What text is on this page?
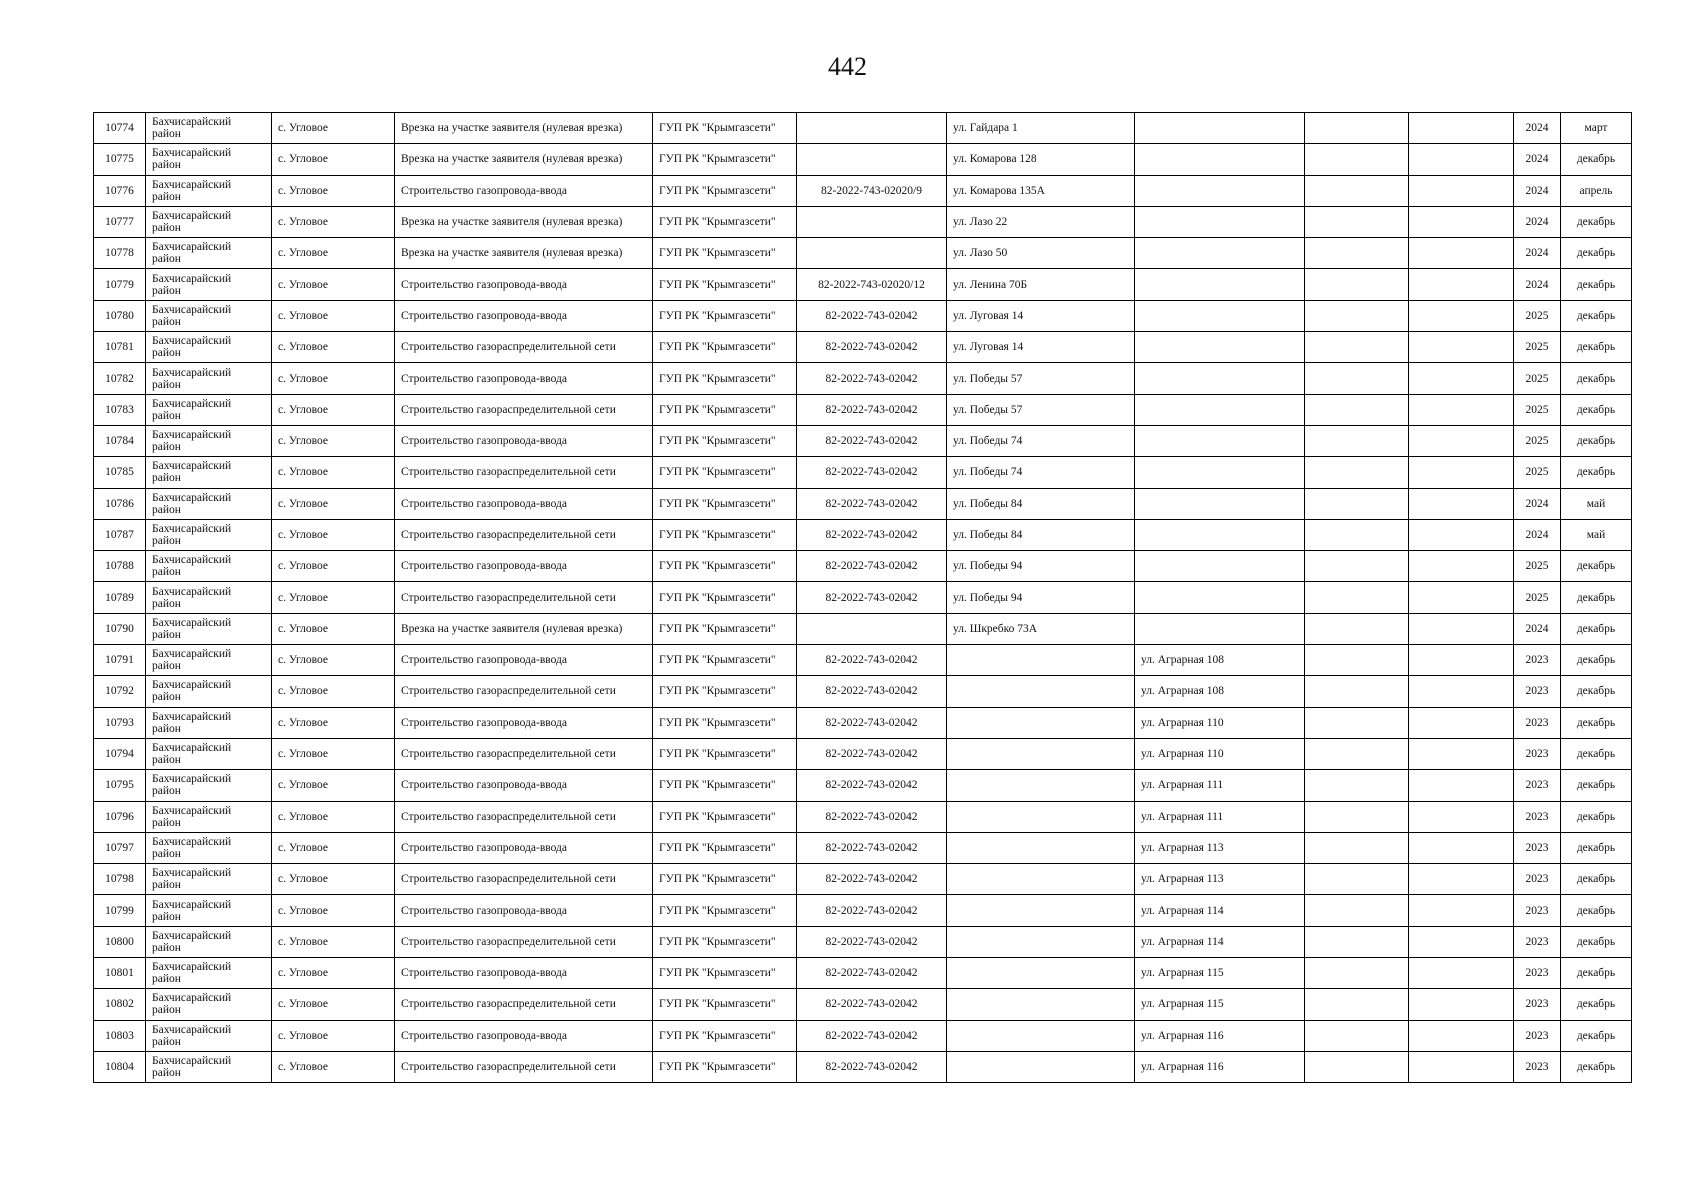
442
10774	Бахчисарайский
район	с. Угловое	Врезка на участке заявителя (нулевая врезка)	ГУП РК "Крымгазсети"		ул. Гайдара 1				2024	март
10775	Бахчисарайский
район	с. Угловое	Врезка на участке заявителя (нулевая врезка)	ГУП РК "Крымгазсети"		ул. Комарова 128				2024	декабрь
10776	Бахчисарайский
район	с. Угловое	Строительство газопровода-ввода	ГУП РК "Крымгазсети"	82-2022-743-02020/9	ул. Комарова 135А				2024	апрель
10777	Бахчисарайский
район	с. Угловое	Врезка на участке заявителя (нулевая врезка)	ГУП РК "Крымгазсети"		ул. Лазо 22				2024	декабрь
10778	Бахчисарайский
район	с. Угловое	Врезка на участке заявителя (нулевая врезка)	ГУП РК "Крымгазсети"		ул. Лазо 50				2024	декабрь
10779	Бахчисарайский
район	с. Угловое	Строительство газопровода-ввода	ГУП РК "Крымгазсети"	82-2022-743-02020/12	ул. Ленина 70Б				2024	декабрь
10780	Бахчисарайский
район	с. Угловое	Строительство газопровода-ввода	ГУП РК "Крымгазсети"	82-2022-743-02042	ул. Луговая 14				2025	декабрь
10781	Бахчисарайский
район	с. Угловое	Строительство газораспределительной сети	ГУП РК "Крымгазсети"	82-2022-743-02042	ул. Луговая 14				2025	декабрь
10782	Бахчисарайский
район	с. Угловое	Строительство газопровода-ввода	ГУП РК "Крымгазсети"	82-2022-743-02042	ул. Победы 57				2025	декабрь
10783	Бахчисарайский
район	с. Угловое	Строительство газораспределительной сети	ГУП РК "Крымгазсети"	82-2022-743-02042	ул. Победы 57				2025	декабрь
10784	Бахчисарайский
район	с. Угловое	Строительство газопровода-ввода	ГУП РК "Крымгазсети"	82-2022-743-02042	ул. Победы 74				2025	декабрь
10785	Бахчисарайский
район	с. Угловое	Строительство газораспределительной сети	ГУП РК "Крымгазсети"	82-2022-743-02042	ул. Победы 74				2025	декабрь
10786	Бахчисарайский
район	с. Угловое	Строительство газопровода-ввода	ГУП РК "Крымгазсети"	82-2022-743-02042	ул. Победы 84				2024	май
10787	Бахчисарайский
район	с. Угловое	Строительство газораспределительной сети	ГУП РК "Крымгазсети"	82-2022-743-02042	ул. Победы 84				2024	май
10788	Бахчисарайский
район	с. Угловое	Строительство газопровода-ввода	ГУП РК "Крымгазсети"	82-2022-743-02042	ул. Победы 94				2025	декабрь
10789	Бахчисарайский
район	с. Угловое	Строительство газораспределительной сети	ГУП РК "Крымгазсети"	82-2022-743-02042	ул. Победы 94				2025	декабрь
10790	Бахчисарайский
район	с. Угловое	Врезка на участке заявителя (нулевая врезка)	ГУП РК "Крымгазсети"		ул. Шкребко 73А				2024	декабрь
10791	Бахчисарайский
район	с. Угловое	Строительство газопровода-ввода	ГУП РК "Крымгазсети"	82-2022-743-02042		ул. Аграрная 108			2023	декабрь
10792	Бахчисарайский
район	с. Угловое	Строительство газораспределительной сети	ГУП РК "Крымгазсети"	82-2022-743-02042		ул. Аграрная 108			2023	декабрь
10793	Бахчисарайский
район	с. Угловое	Строительство газопровода-ввода	ГУП РК "Крымгазсети"	82-2022-743-02042		ул. Аграрная 110			2023	декабрь
10794	Бахчисарайский
район	с. Угловое	Строительство газораспределительной сети	ГУП РК "Крымгазсети"	82-2022-743-02042		ул. Аграрная 110			2023	декабрь
10795	Бахчисарайский
район	с. Угловое	Строительство газопровода-ввода	ГУП РК "Крымгазсети"	82-2022-743-02042		ул. Аграрная 111			2023	декабрь
10796	Бахчисарайский
район	с. Угловое	Строительство газораспределительной сети	ГУП РК "Крымгазсети"	82-2022-743-02042		ул. Аграрная 111			2023	декабрь
10797	Бахчисарайский
район	с. Угловое	Строительство газопровода-ввода	ГУП РК "Крымгазсети"	82-2022-743-02042		ул. Аграрная 113			2023	декабрь
10798	Бахчисарайский
район	с. Угловое	Строительство газораспределительной сети	ГУП РК "Крымгазсети"	82-2022-743-02042		ул. Аграрная 113			2023	декабрь
10799	Бахчисарайский
район	с. Угловое	Строительство газопровода-ввода	ГУП РК "Крымгазсети"	82-2022-743-02042		ул. Аграрная 114			2023	декабрь
10800	Бахчисарайский
район	с. Угловое	Строительство газораспределительной сети	ГУП РК "Крымгазсети"	82-2022-743-02042		ул. Аграрная 114			2023	декабрь
10801	Бахчисарайский
район	с. Угловое	Строительство газопровода-ввода	ГУП РК "Крымгазсети"	82-2022-743-02042		ул. Аграрная 115			2023	декабрь
10802	Бахчисарайский
район	с. Угловое	Строительство газораспределительной сети	ГУП РК "Крымгазсети"	82-2022-743-02042		ул. Аграрная 115			2023	декабрь
10803	Бахчисарайский
район	с. Угловое	Строительство газопровода-ввода	ГУП РК "Крымгазсети"	82-2022-743-02042		ул. Аграрная 116			2023	декабрь
10804	Бахчисарайский
район	с. Угловое	Строительство газораспределительной сети	ГУП РК "Крымгазсети"	82-2022-743-02042		ул. Аграрная 116			2023	декабрь
